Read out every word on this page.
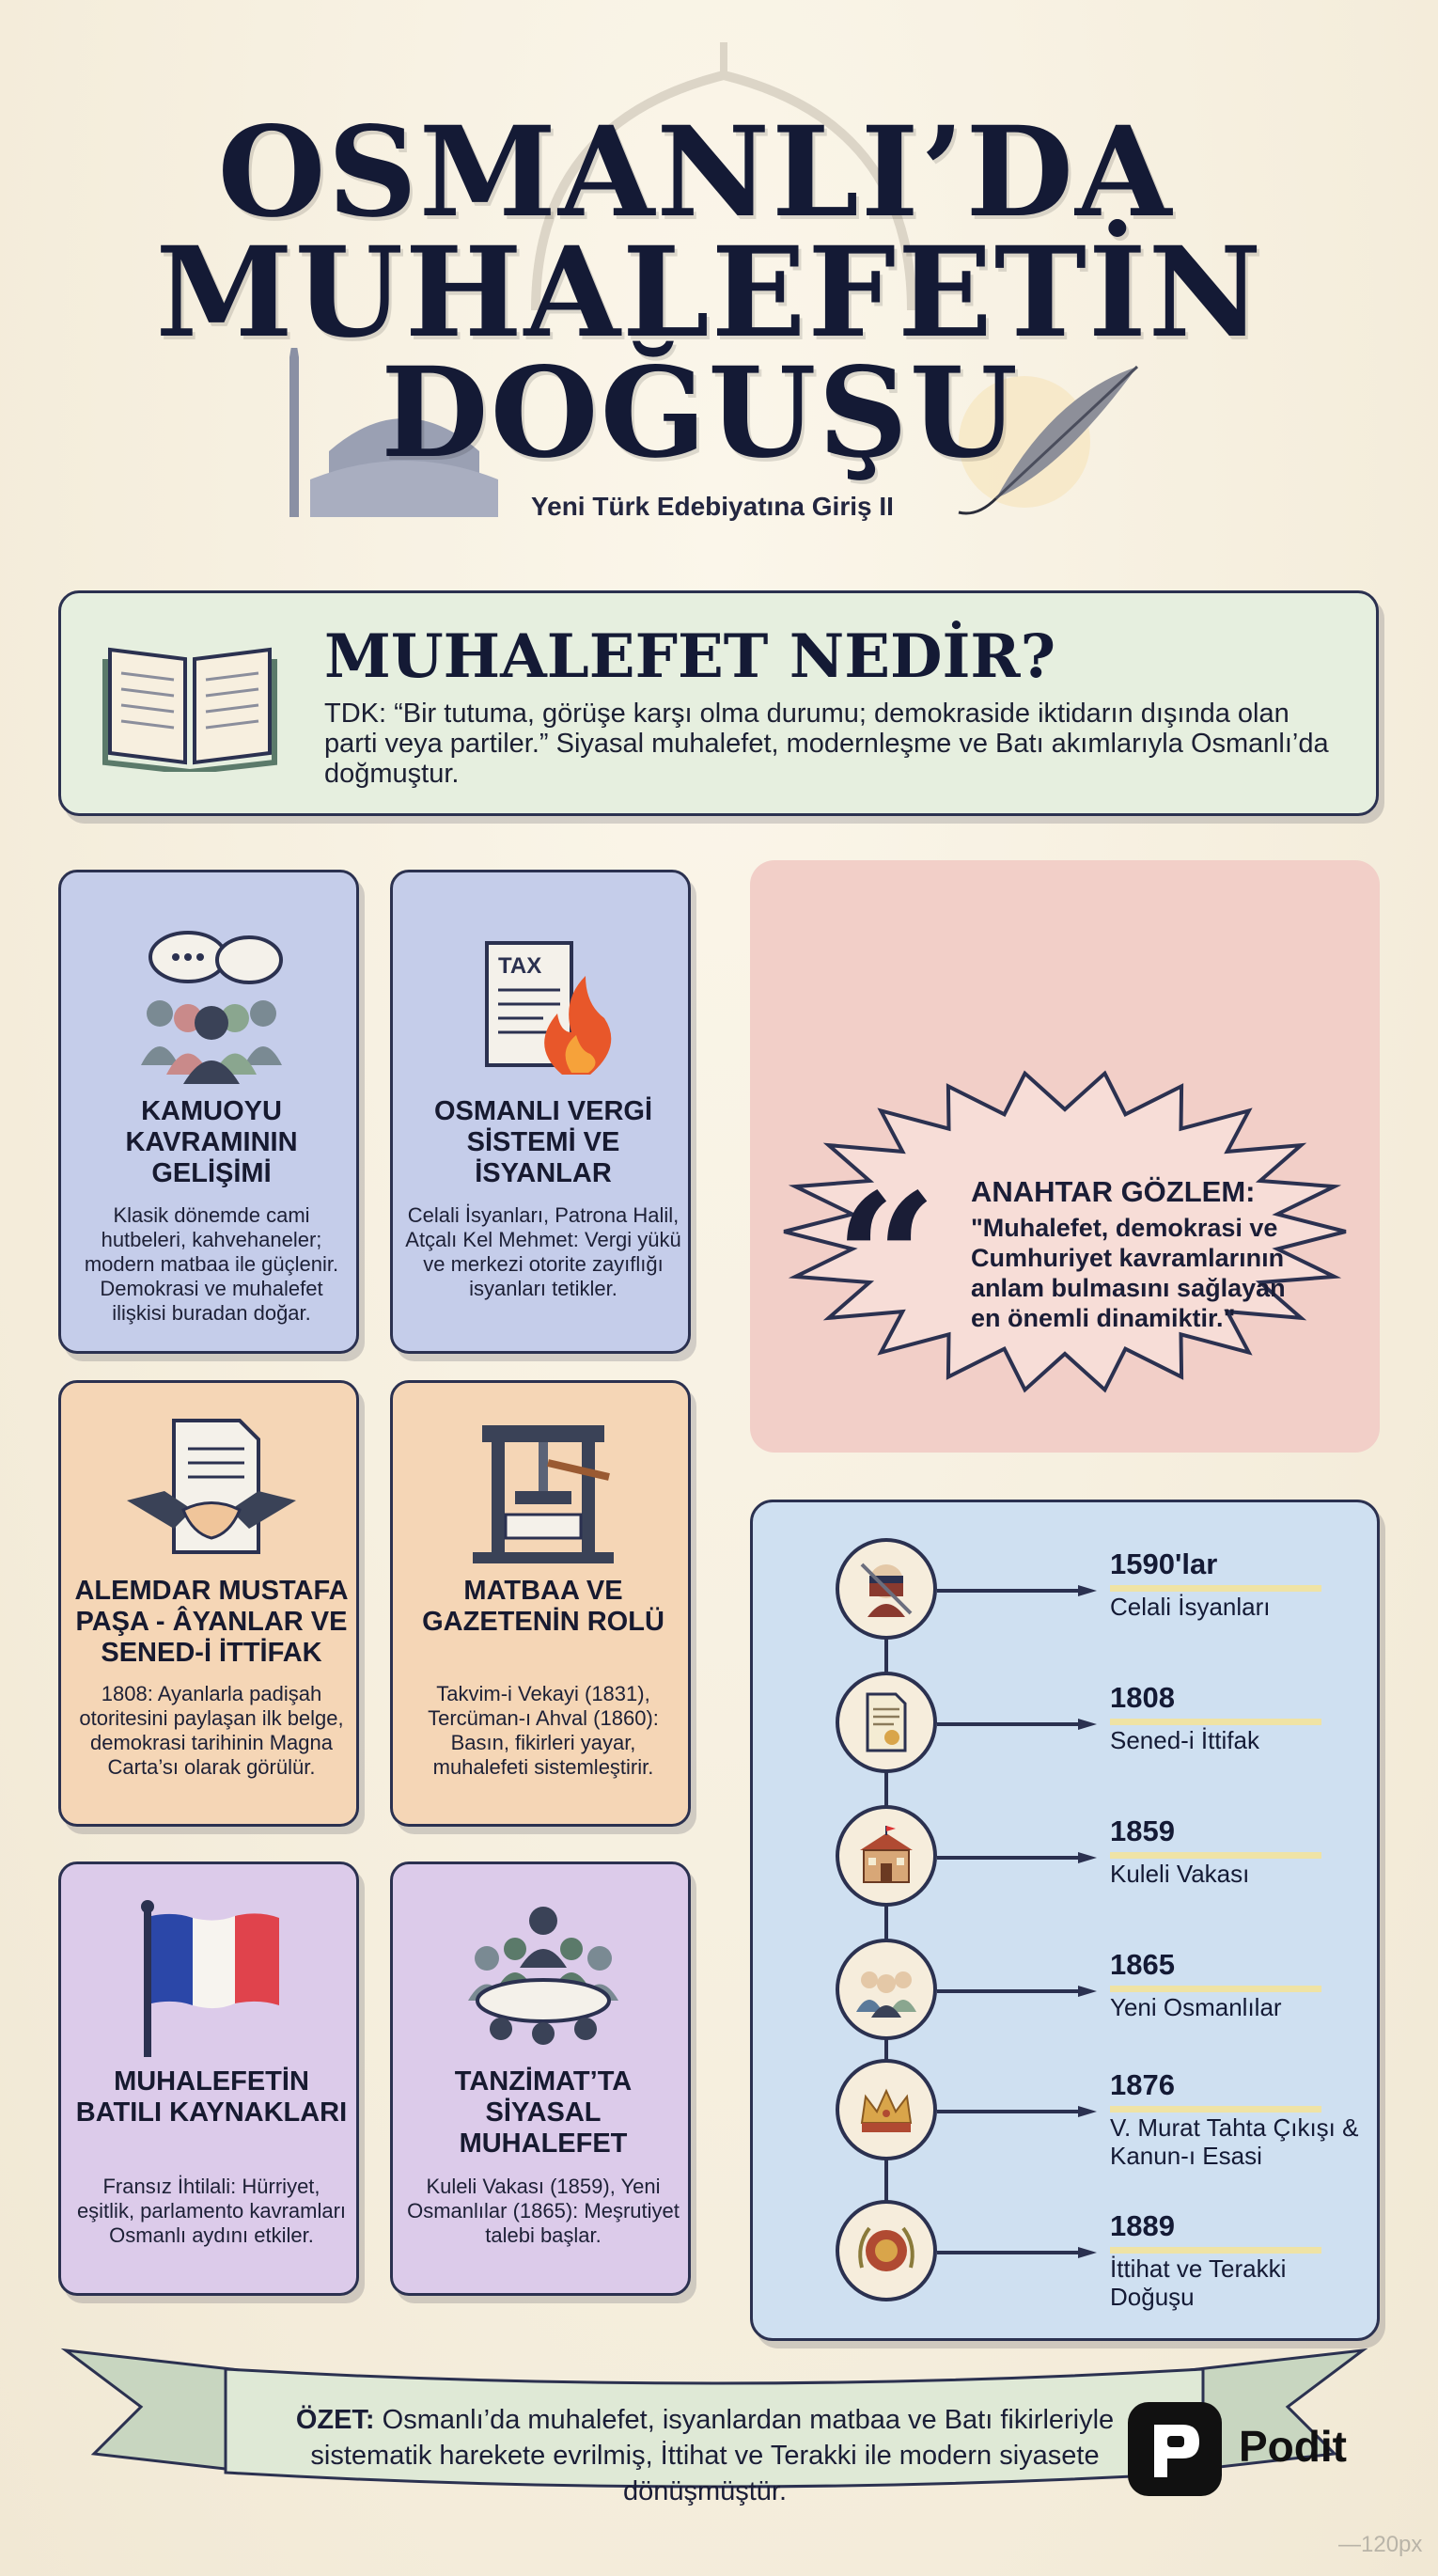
OSMANLI’DA
MUHALEFETİN
DOĞUŞU
Yeni Türk Edebiyatına Giriş II
MUHALEFET NEDİR?
TDK: “Bir tutuma, görüşe karşı olma durumu; demokraside iktidarın dışında olan parti veya partiler.” Siyasal muhalefet, modernleşme ve Batı akımlarıyla Osmanlı’da doğmuştur.
KAMUOYU KAVRAMININ GELİŞİMİ

Klasik dönemde cami hutbeleri, kahvehaneler; modern matbaa ile güçlenir. Demokrasi ve muhalefet ilişkisi buradan doğar.

TAX
OSMANLI VERGİ SİSTEMİ VE İSYANLAR

Celali İsyanları, Patrona Halil, Atçalı Kel Mehmet: Vergi yükü ve merkezi otorite zayıflığı isyanları tetikler.

ALEMDAR MUSTAFA PAŞA - ÂYANLAR VE SENED-İ İTTİFAK

1808: Ayanlarla padişah otoritesini paylaşan ilk belge, demokrasi tarihinin Magna Carta’sı olarak görülür.

MATBAA VE GAZETENİN ROLÜ

Takvim-i Vekayi (1831), Tercüman-ı Ahval (1860): Basın, fikirleri yayar, muhalefeti sistemleştirir.

MUHALEFETİN BATILI KAYNAKLARI

Fransız İhtilali: Hürriyet, eşitlik, parlamento kavramları Osmanlı aydını etkiler.

TANZİMAT’TA SİYASAL MUHALEFET

Kuleli Vakası (1859), Yeni Osmanlılar (1865): Meşrutiyet talebi başlar.

“ ANAHTAR GÖZLEM:
"Muhalefet, demokrasi ve Cumhuriyet kavramlarının anlam bulmasını sağlayan en önemli dinamiktir."
1590'lar
Celali İsyanları
1808
Sened-i İttifak
1859
Kuleli Vakası
1865
Yeni Osmanlılar
1876
V. Murat Tahta Çıkışı & Kanun-ı Esasi
1889
İttihat ve Terakki Doğuşu
ÖZET: Osmanlı’da muhalefet, isyanlardan matbaa ve Batı fikirleriyle sistematik harekete evrilmiş, İttihat ve Terakki ile modern siyasete dönüşmüştür.
Podit
—120px
